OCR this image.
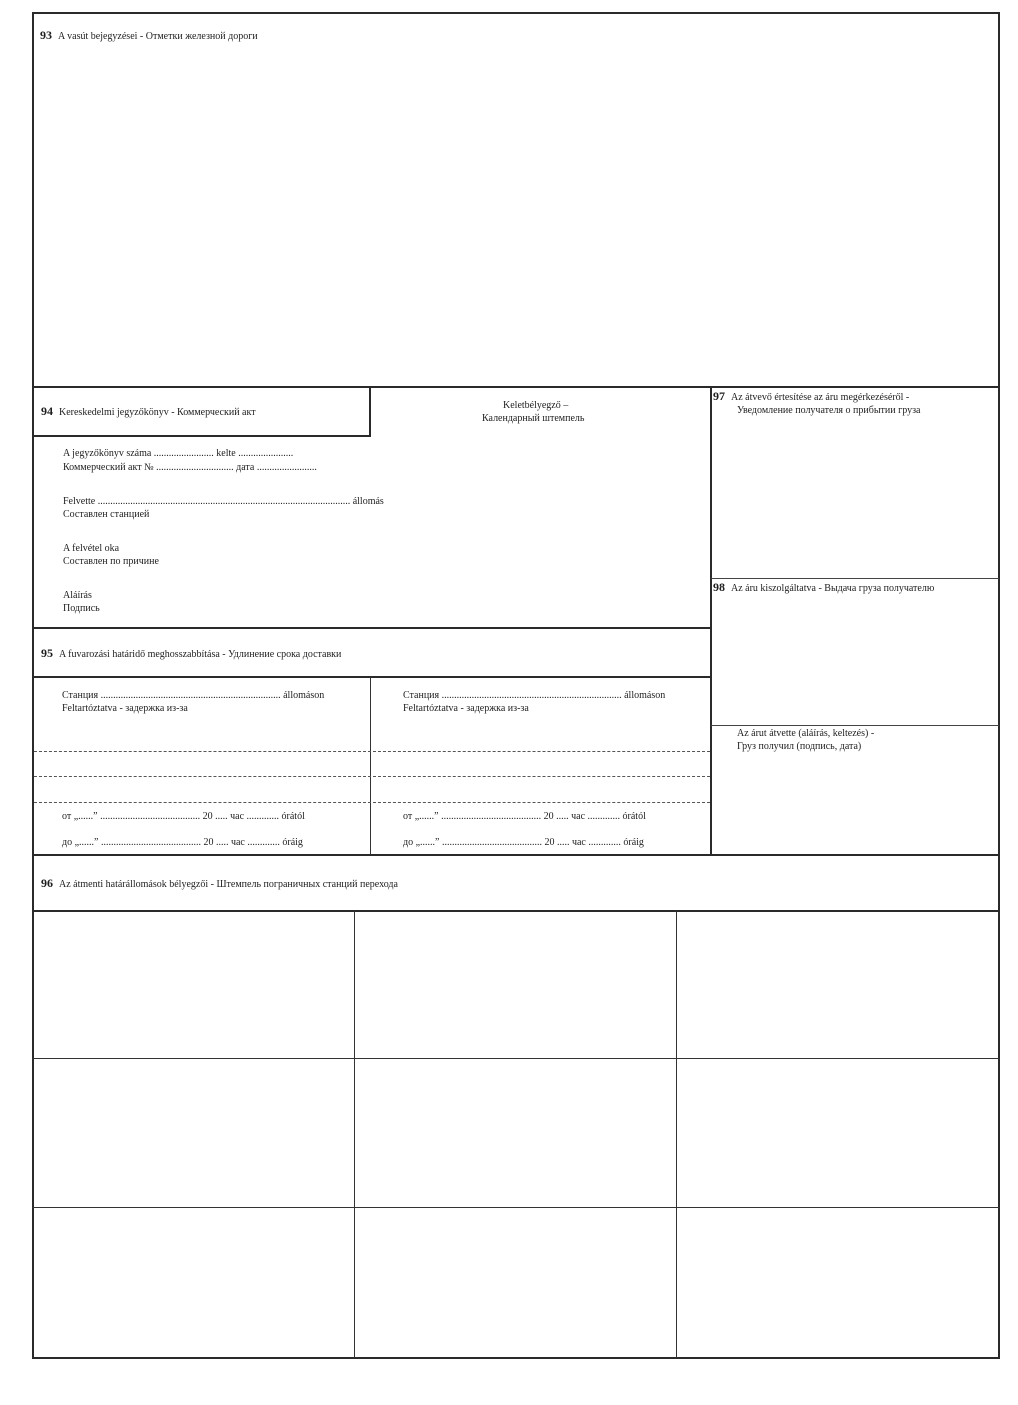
93 A vasút bejegyzései - Отметки железной дороги
94 Kereskedelmi jegyzőkönyv - Коммерческий акт
Keletbélyegző –
Календарный штемпель
A jegyzőkönyv száma ........................ kelte ......................
Коммерческий акт № ............................... дата ........................
Felvette ..................................................................................................... állomás
Составлен станцией
A felvétel oka
Составлен по причине
Aláírás
Подпись
97 Az átvevő értesítése az áru megérkezéséről -
Уведомление получателя о прибытии груза
98 Az áru kiszolgáltatva - Выдача груза получателю
Az árut átvette (aláírás, keltezés) -
Груз получил (подпись, дата)
95 A fuvarozási határidő meghosszabbítása - Удлинение срока доставки
Станция ........................................................................ állomáson
Feltartóztatva - задержка из-за
от „......” ........................................ 20 ..... час ............. órától
до „......” ........................................ 20 ..... час ............. óráig
Станция ........................................................................ állomáson
Feltartóztatva - задержка из-за
от „......” ........................................ 20 ..... час ............. órától
до „......” ........................................ 20 ..... час ............. óráig
96 Az átmenti határállomások bélyegzői - Штемпель пограничных станций перехода
